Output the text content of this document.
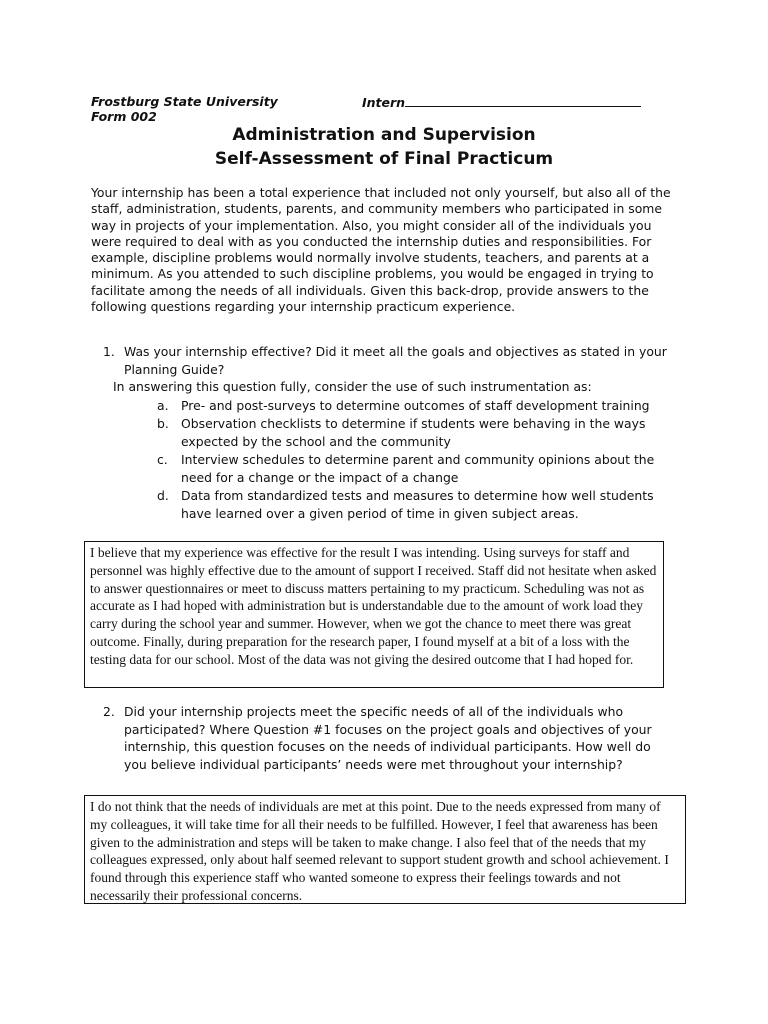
Frostburg State University
Form 002
Intern
Administration and Supervision
Self-Assessment of Final Practicum

Your internship has been a total experience that included not only yourself, but also all of the staff, administration, students, parents, and community members who participated in some way in projects of your implementation. Also, you might consider all of the individuals you were required to deal with as you conducted the internship duties and responsibilities. For example, discipline problems would normally involve students, teachers, and parents at a minimum. As you attended to such discipline problems, you would be engaged in trying to facilitate among the needs of all individuals. Given this back-drop, provide answers to the following questions regarding your internship practicum experience.

1. Was your internship effective? Did it meet all the goals and objectives as stated in your Planning Guide?

In answering this question fully, consider the use of such instrumentation as:
a.	Pre- and post-surveys to determine outcomes of staff development training

b. Observation checklists to determine if students were behaving in the ways expected by the school and the community

c.	Interview schedules to determine parent and community opinions about the need for a change or the impact of a change

d. Data from standardized tests and measures to determine how well students have learned over a given period of time in given subject areas.

I believe that my experience was effective for the result I was intending. Using surveys for staff and personnel was highly effective due to the amount of support I received. Staff did not hesitate when asked to answer questionnaires or meet to discuss matters pertaining to my practicum. Scheduling was not as accurate as I had hoped with administration but is understandable due to the amount of work load they carry during the school year and summer. However, when we got the chance to meet there was great outcome. Finally, during preparation for the research paper, I found myself at a bit of a loss with the testing data for our school. Most of the data was not giving the desired outcome that I had hoped for.

2. Did your internship projects meet the specific needs of all of the individuals who participated? Where Question #1 focuses on the project goals and objectives of your internship, this question focuses on the needs of individual participants. How well do you believe individual participants’ needs were met throughout your internship?

I do not think that the needs of individuals are met at this point. Due to the needs expressed from many of my colleagues, it will take time for all their needs to be fulfilled. However, I feel that awareness has been given to the administration and steps will be taken to make change. I also feel that of the needs that my colleagues expressed, only about half seemed relevant to support student growth and school achievement. I found through this experience staff who wanted someone to express their feelings towards and not necessarily their professional concerns.
